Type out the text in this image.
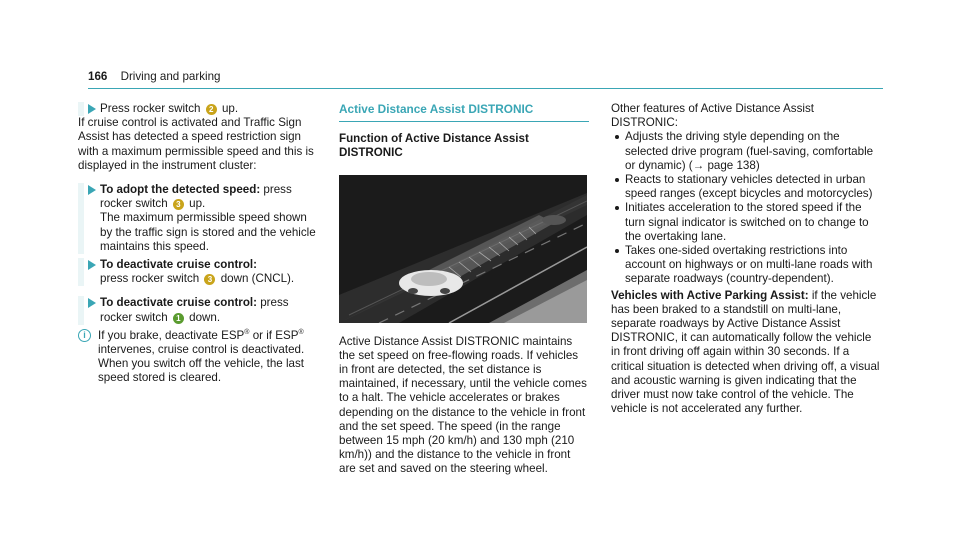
166 Driving and parking

Press rocker switch 2 up.

If cruise control is activated and Traffic Sign Assist has detected a speed restriction sign with a maximum permissible speed and this is displayed in the instrument cluster:

To adopt the detected speed: press rocker switch 3 up.
The maximum permissible speed shown by the traffic sign is stored and the vehicle maintains this speed.

To deactivate cruise control:
press rocker switch 3 down (CNCL).

To deactivate cruise control: press rocker switch 1 down.

i	If you brake, deactivate ESP® or if ESP® intervenes, cruise control is deactivated. When you switch off the vehicle, the last speed stored is cleared.

Active Distance Assist DISTRONIC
Function of Active Distance Assist DISTRONIC

Active Distance Assist DISTRONIC maintains the set speed on free-flowing roads. If vehicles in front are detected, the set distance is maintained, if necessary, until the vehicle comes to a halt. The vehicle accelerates or brakes depending on the distance to the vehicle in front and the set speed. The speed (in the range between 15 mph (20 km/h) and 130 mph (210 km/h)) and the distance to the vehicle in front are set and saved on the steering wheel.

Other features of Active Distance Assist DISTRONIC:

Adjusts the driving style depending on the selected drive program (fuel-saving, comfortable or dynamic) (→ page 138)
Reacts to stationary vehicles detected in urban speed ranges (except bicycles and motorcycles)
Initiates acceleration to the stored speed if the turn signal indicator is switched on to change to the overtaking lane.
Takes one-sided overtaking restrictions into account on highways or on multi-lane roads with separate roadways (country-dependent).

Vehicles with Active Parking Assist: if the vehicle has been braked to a standstill on multi-lane, separate roadways by Active Distance Assist DISTRONIC, it can automatically follow the vehicle in front driving off again within 30 seconds. If a critical situation is detected when driving off, a visual and acoustic warning is given indicating that the driver must now take control of the vehicle. The vehicle is not accelerated any further.
